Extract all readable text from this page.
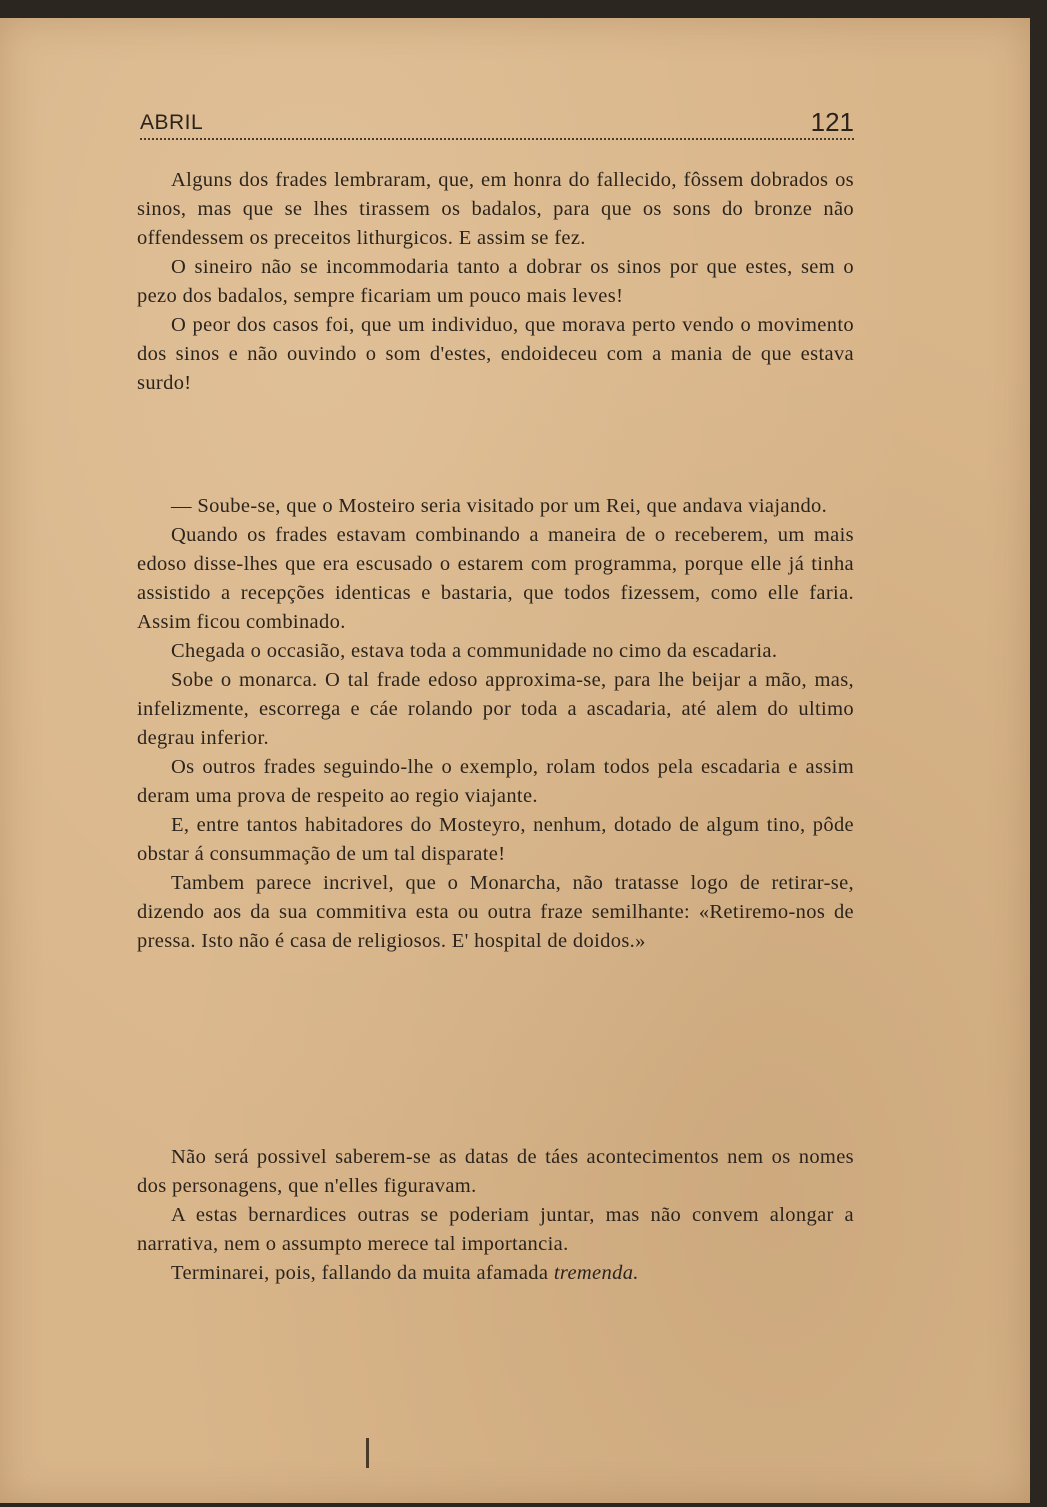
ABRIL	121

Alguns dos frades lembraram, que, em honra do fallecido, fôssem dobrados os sinos, mas que se lhes tirassem os badalos, para que os sons do bronze não offendessem os preceitos lithurgicos. E assim se fez.

O sineiro não se incommodaria tanto a dobrar os sinos por que estes, sem o pezo dos badalos, sempre ficariam um pouco mais leves!

O peor dos casos foi, que um individuo, que morava perto vendo o movimento dos sinos e não ouvindo o som d'estes, endoideceu com a mania de que estava surdo!

— Soube-se, que o Mosteiro seria visitado por um Rei, que andava viajando.

Quando os frades estavam combinando a maneira de o receberem, um mais edoso disse-lhes que era escusado o estarem com programma, porque elle já tinha assistido a recepções identicas e bastaria, que todos fizessem, como elle faria. Assim ficou combinado.

Chegada o occasião, estava toda a communidade no cimo da escadaria.

Sobe o monarca. O tal frade edoso approxima-se, para lhe beijar a mão, mas, infelizmente, escorrega e cáe rolando por toda a ascadaria, até alem do ultimo degrau inferior.

Os outros frades seguindo-lhe o exemplo, rolam todos pela escadaria e assim deram uma prova de respeito ao regio viajante.

E, entre tantos habitadores do Mosteyro, nenhum, dotado de algum tino, pôde obstar á consummação de um tal disparate!

Tambem parece incrivel, que o Monarcha, não tratasse logo de retirar-se, dizendo aos da sua commitiva esta ou outra fraze semilhante: «Retiremo-nos de pressa. Isto não é casa de religiosos. E' hospital de doidos.»

Não será possivel saberem-se as datas de táes acontecimentos nem os nomes dos personagens, que n'elles figuravam.

A estas bernardices outras se poderiam juntar, mas não convem alongar a narrativa, nem o assumpto merece tal importancia.

Terminarei, pois, fallando da muita afamada tremenda.
